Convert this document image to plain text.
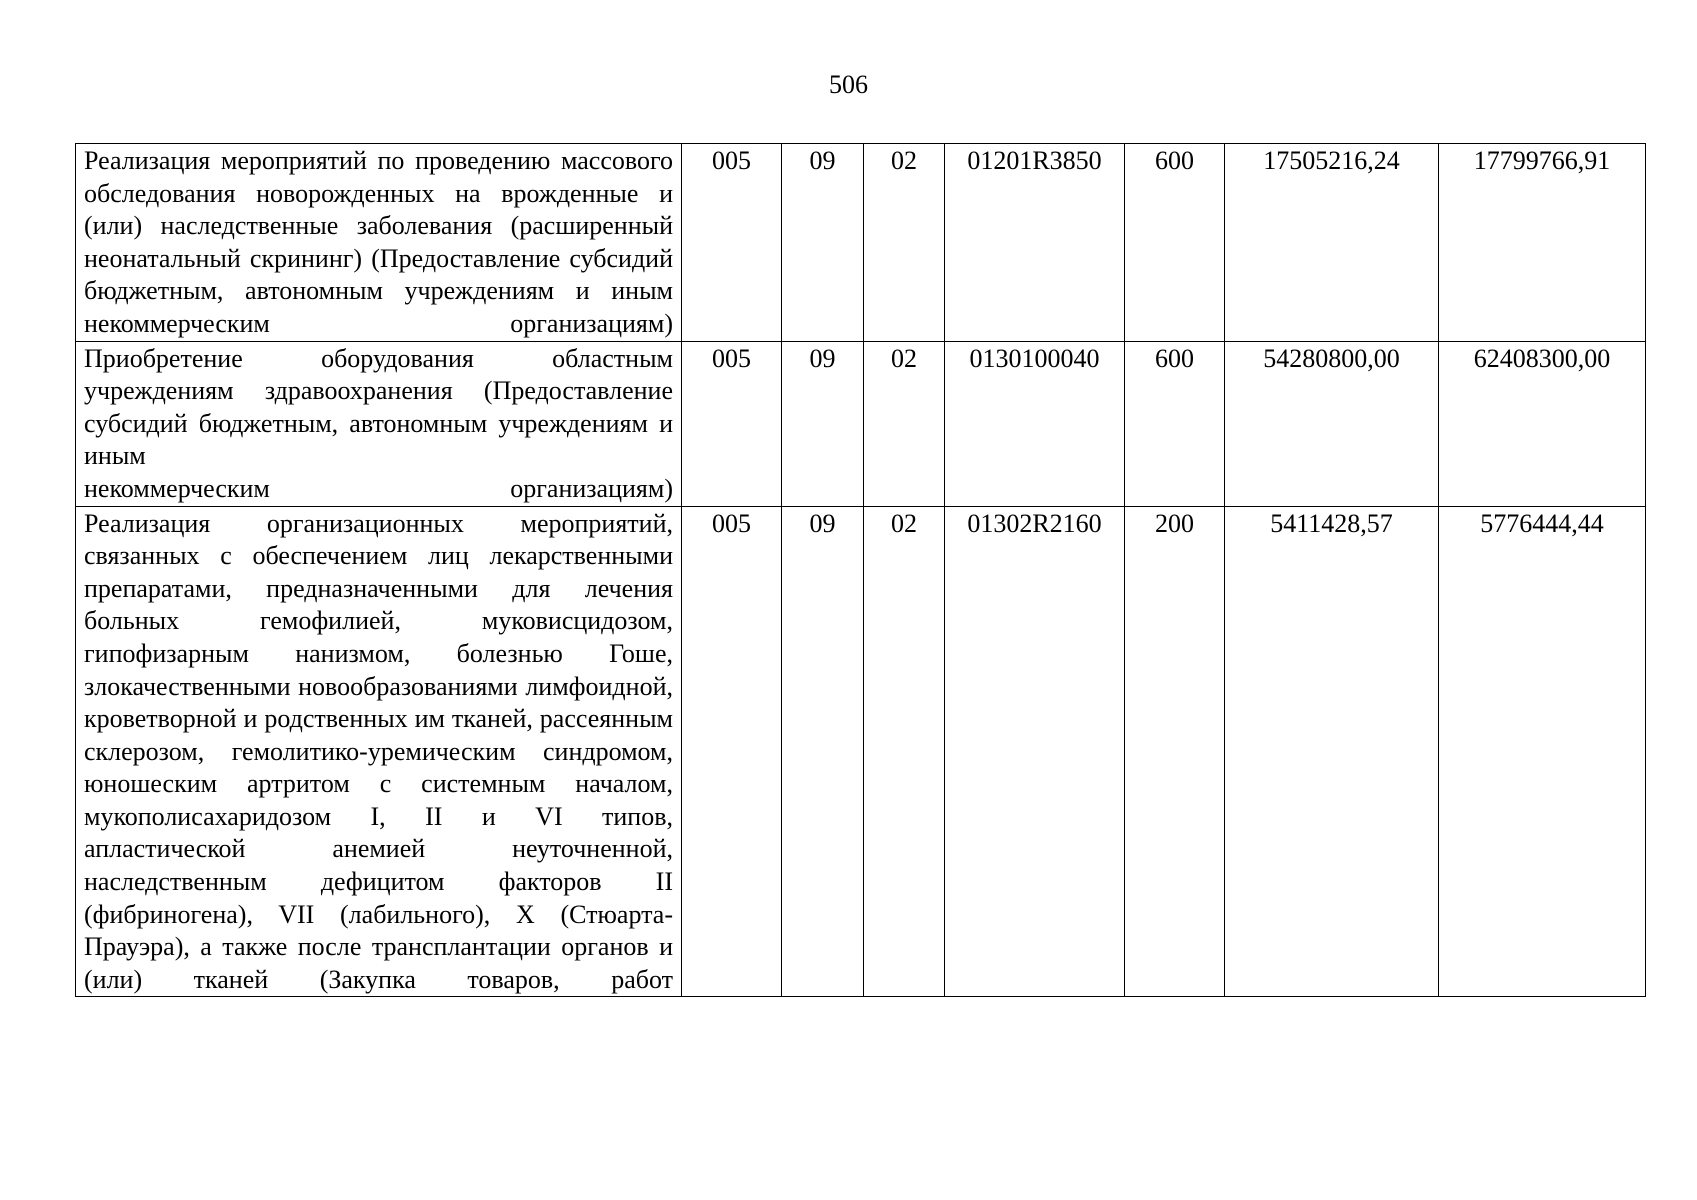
506
Реализация мероприятий по проведению массового обследования новорожденных на врожденные и (или) наследственные заболевания (расширенный неонатальный скрининг) (Предоставление субсидий бюджетным, автономным учреждениям и иным
некоммерческим организациям)	005	09	02	01201R3850	600	17505216,24	17799766,91
Приобретение оборудования областным учреждениям здравоохранения (Предоставление субсидий бюджетным, автономным учреждениям и иным
некоммерческим организациям)	005	09	02	0130100040	600	54280800,00	62408300,00
Реализация организационных мероприятий, связанных с обеспечением лиц лекарственными препаратами, предназначенными для лечения больных гемофилией, муковисцидозом, гипофизарным нанизмом, болезнью Гоше, злокачественными новообразованиями лимфоидной, кроветворной и родственных им тканей, рассеянным склерозом, гемолитико-уремическим синдромом, юношеским артритом с системным началом, мукополисахаридозом I, II и VI типов, апластической анемией неуточненной, наследственным дефицитом факторов II (фибриногена), VII (лабильного), X (Стюарта-Прауэра), а также после трансплантации органов и (или) тканей (Закупка товаров, работ	005	09	02	01302R2160	200	5411428,57	5776444,44
